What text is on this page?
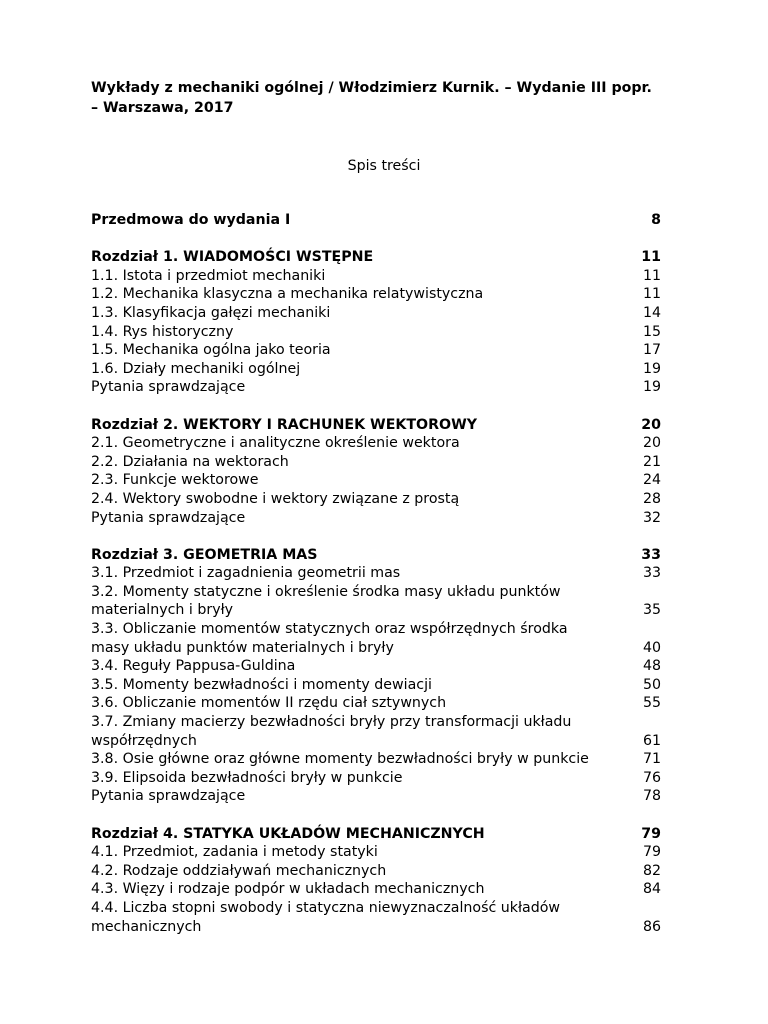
Wykłady z mechaniki ogólnej / Włodzimierz Kurnik. – Wydanie III popr.
– Warszawa, 2017
Spis treści
Przedmowa do wydania I	8
Rozdział 1. WIADOMOŚCI WSTĘPNE	11
1.1. Istota i przedmiot mechaniki	11
1.2. Mechanika klasyczna a mechanika relatywistyczna	11
1.3. Klasyfikacja gałęzi mechaniki	14
1.4. Rys historyczny	15
1.5. Mechanika ogólna jako teoria	17
1.6. Działy mechaniki ogólnej	19
Pytania sprawdzające	19
Rozdział 2. WEKTORY I RACHUNEK WEKTOROWY	20
2.1. Geometryczne i analityczne określenie wektora	20
2.2. Działania na wektorach	21
2.3. Funkcje wektorowe	24
2.4. Wektory swobodne i wektory związane z prostą	28
Pytania sprawdzające	32
Rozdział 3. GEOMETRIA MAS	33
3.1. Przedmiot i zagadnienia geometrii mas	33
3.2. Momenty statyczne i określenie środka masy układu punktów
materialnych i bryły	35
3.3. Obliczanie momentów statycznych oraz współrzędnych środka
masy układu punktów materialnych i bryły	40
3.4. Reguły Pappusa-Guldina	48
3.5. Momenty bezwładności i momenty dewiacji	50
3.6. Obliczanie momentów II rzędu ciał sztywnych	55
3.7. Zmiany macierzy bezwładności bryły przy transformacji układu
współrzędnych	61
3.8. Osie główne oraz główne momenty bezwładności bryły w punkcie	71
3.9. Elipsoida bezwładności bryły w punkcie	76
Pytania sprawdzające	78
Rozdział 4. STATYKA UKŁADÓW MECHANICZNYCH	79
4.1. Przedmiot, zadania i metody statyki	79
4.2. Rodzaje oddziaływań mechanicznych	82
4.3. Więzy i rodzaje podpór w układach mechanicznych	84
4.4. Liczba stopni swobody i statyczna niewyznaczalność układów
mechanicznych	86
